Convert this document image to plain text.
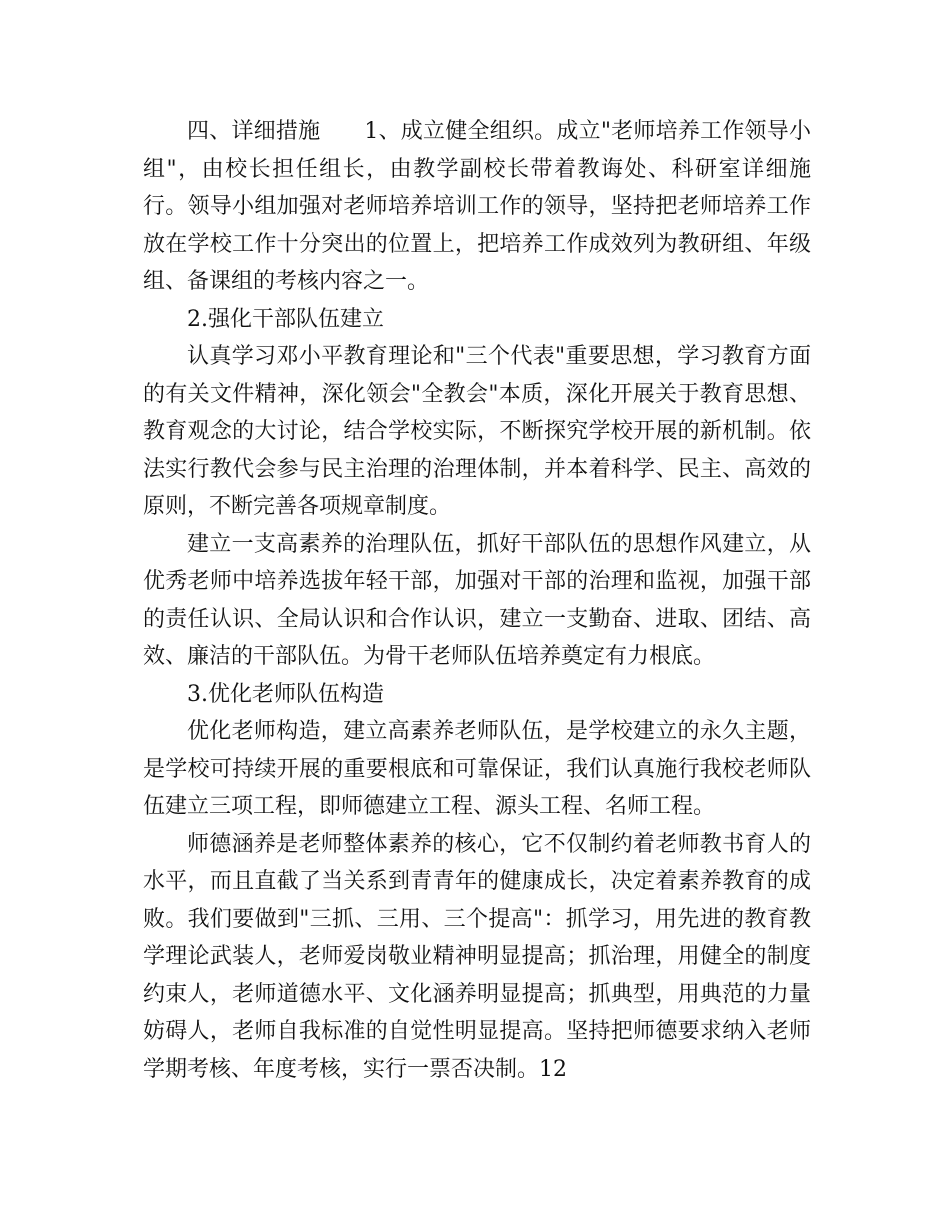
四、详细措施 1、成立健全组织。成立"老师培养工作领导小组"，由校长担任组长，由教学副校长带着教诲处、科研室详细施行。领导小组加强对老师培养培训工作的领导，坚持把老师培养工作放在学校工作十分突出的位置上，把培养工作成效列为教研组、年级组、备课组的考核内容之一。

2.强化干部队伍建立

认真学习邓小平教育理论和"三个代表"重要思想，学习教育方面的有关文件精神，深化领会"全教会"本质，深化开展关于教育思想、教育观念的大讨论，结合学校实际，不断探究学校开展的新机制。依法实行教代会参与民主治理的治理体制，并本着科学、民主、高效的原则，不断完善各项规章制度。

建立一支高素养的治理队伍，抓好干部队伍的思想作风建立，从优秀老师中培养选拔年轻干部，加强对干部的治理和监视，加强干部的责任认识、全局认识和合作认识，建立一支勤奋、进取、团结、高效、廉洁的干部队伍。为骨干老师队伍培养奠定有力根底。

3.优化老师队伍构造

优化老师构造，建立高素养老师队伍，是学校建立的永久主题，是学校可持续开展的重要根底和可靠保证，我们认真施行我校老师队伍建立三项工程，即师德建立工程、源头工程、名师工程。

师德涵养是老师整体素养的核心，它不仅制约着老师教书育人的水平，而且直截了当关系到青青年的健康成长，决定着素养教育的成败。我们要做到"三抓、三用、三个提高"：抓学习，用先进的教育教学理论武装人，老师爱岗敬业精神明显提高；抓治理，用健全的制度约束人，老师道德水平、文化涵养明显提高；抓典型，用典范的力量妨碍人，老师自我标准的自觉性明显提高。坚持把师德要求纳入老师学期考核、年度考核，实行一票否决制。12
